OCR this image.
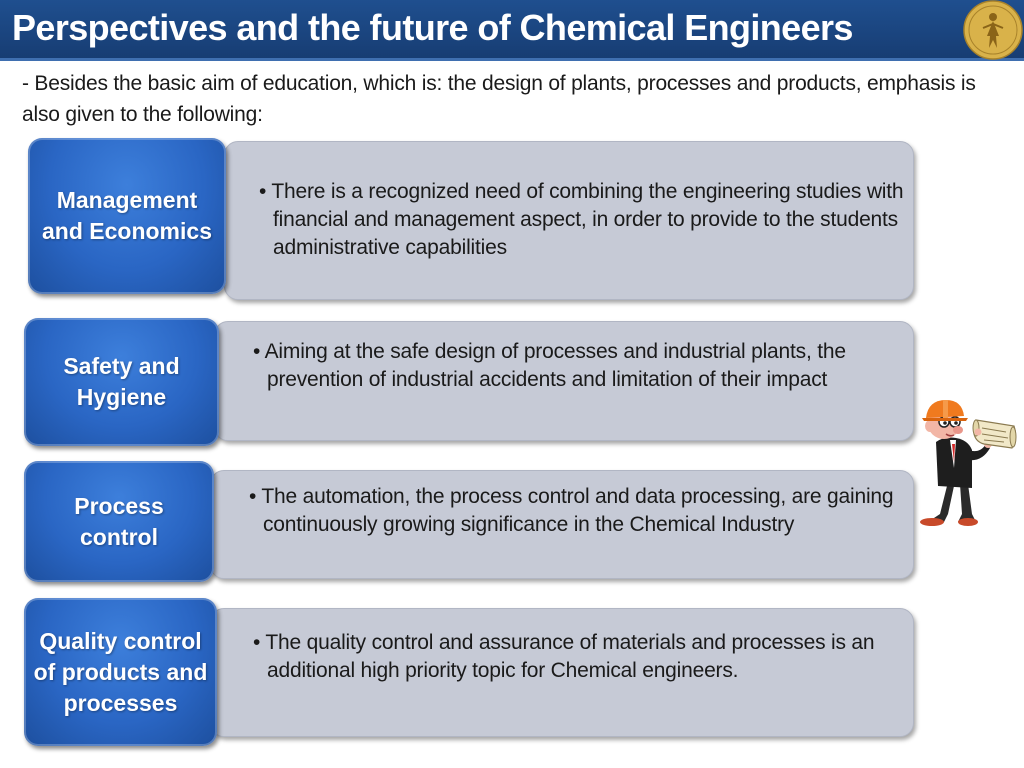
Perspectives and the future of Chemical Engineers
- Besides the basic aim of education, which is: the design of plants, processes and products, emphasis is also given to the following:
• There is a recognized need of combining the engineering studies with financial and management aspect, in order to provide to the students administrative capabilities
Management and Economics
• Aiming at the safe design of processes and industrial plants, the prevention of industrial accidents and limitation of their impact
Safety and Hygiene
• The automation, the process control and data processing, are gaining continuously growing significance in the Chemical Industry
Process control
• The quality control and assurance of materials and processes is an additional high priority topic for Chemical engineers.
Quality control of products and processes
